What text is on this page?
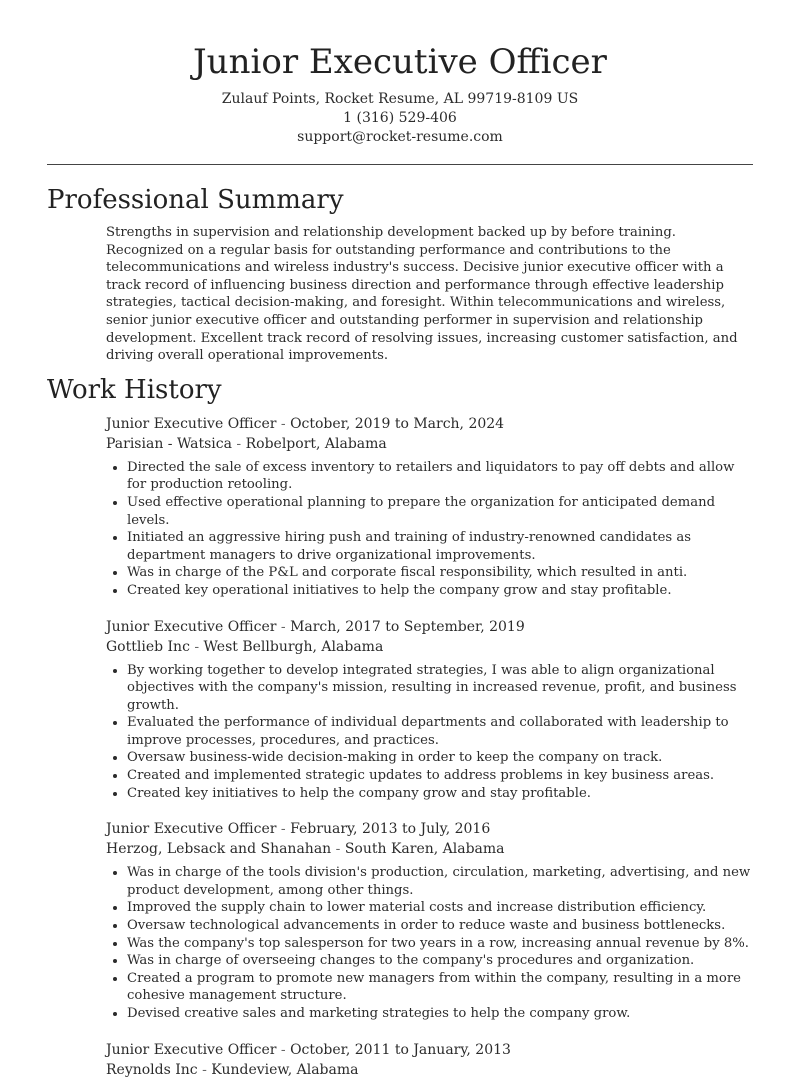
Junior Executive Officer
Zulauf Points, Rocket Resume, AL 99719-8109 US
1 (316) 529-406
support@rocket-resume.com
Professional Summary
Strengths in supervision and relationship development backed up by before training. Recognized on a regular basis for outstanding performance and contributions to the telecommunications and wireless industry's success. Decisive junior executive officer with a track record of influencing business direction and performance through effective leadership strategies, tactical decision-making, and foresight. Within telecommunications and wireless, senior junior executive officer and outstanding performer in supervision and relationship development. Excellent track record of resolving issues, increasing customer satisfaction, and driving overall operational improvements.
Work History
Junior Executive Officer - October, 2019 to March, 2024
Parisian - Watsica - Robelport, Alabama
• Directed the sale of excess inventory to retailers and liquidators to pay off debts and allow for production retooling.
• Used effective operational planning to prepare the organization for anticipated demand levels.
• Initiated an aggressive hiring push and training of industry-renowned candidates as department managers to drive organizational improvements.
• Was in charge of the P&L and corporate fiscal responsibility, which resulted in anti.
• Created key operational initiatives to help the company grow and stay profitable.
Junior Executive Officer - March, 2017 to September, 2019
Gottlieb Inc - West Bellburgh, Alabama
• By working together to develop integrated strategies, I was able to align organizational objectives with the company's mission, resulting in increased revenue, profit, and business growth.
• Evaluated the performance of individual departments and collaborated with leadership to improve processes, procedures, and practices.
• Oversaw business-wide decision-making in order to keep the company on track.
• Created and implemented strategic updates to address problems in key business areas.
• Created key initiatives to help the company grow and stay profitable.
Junior Executive Officer - February, 2013 to July, 2016
Herzog, Lebsack and Shanahan - South Karen, Alabama
• Was in charge of the tools division's production, circulation, marketing, advertising, and new product development, among other things.
• Improved the supply chain to lower material costs and increase distribution efficiency.
• Oversaw technological advancements in order to reduce waste and business bottlenecks.
• Was the company's top salesperson for two years in a row, increasing annual revenue by 8%.
• Was in charge of overseeing changes to the company's procedures and organization.
• Created a program to promote new managers from within the company, resulting in a more cohesive management structure.
• Devised creative sales and marketing strategies to help the company grow.
Junior Executive Officer - October, 2011 to January, 2013
Reynolds Inc - Kundeview, Alabama
